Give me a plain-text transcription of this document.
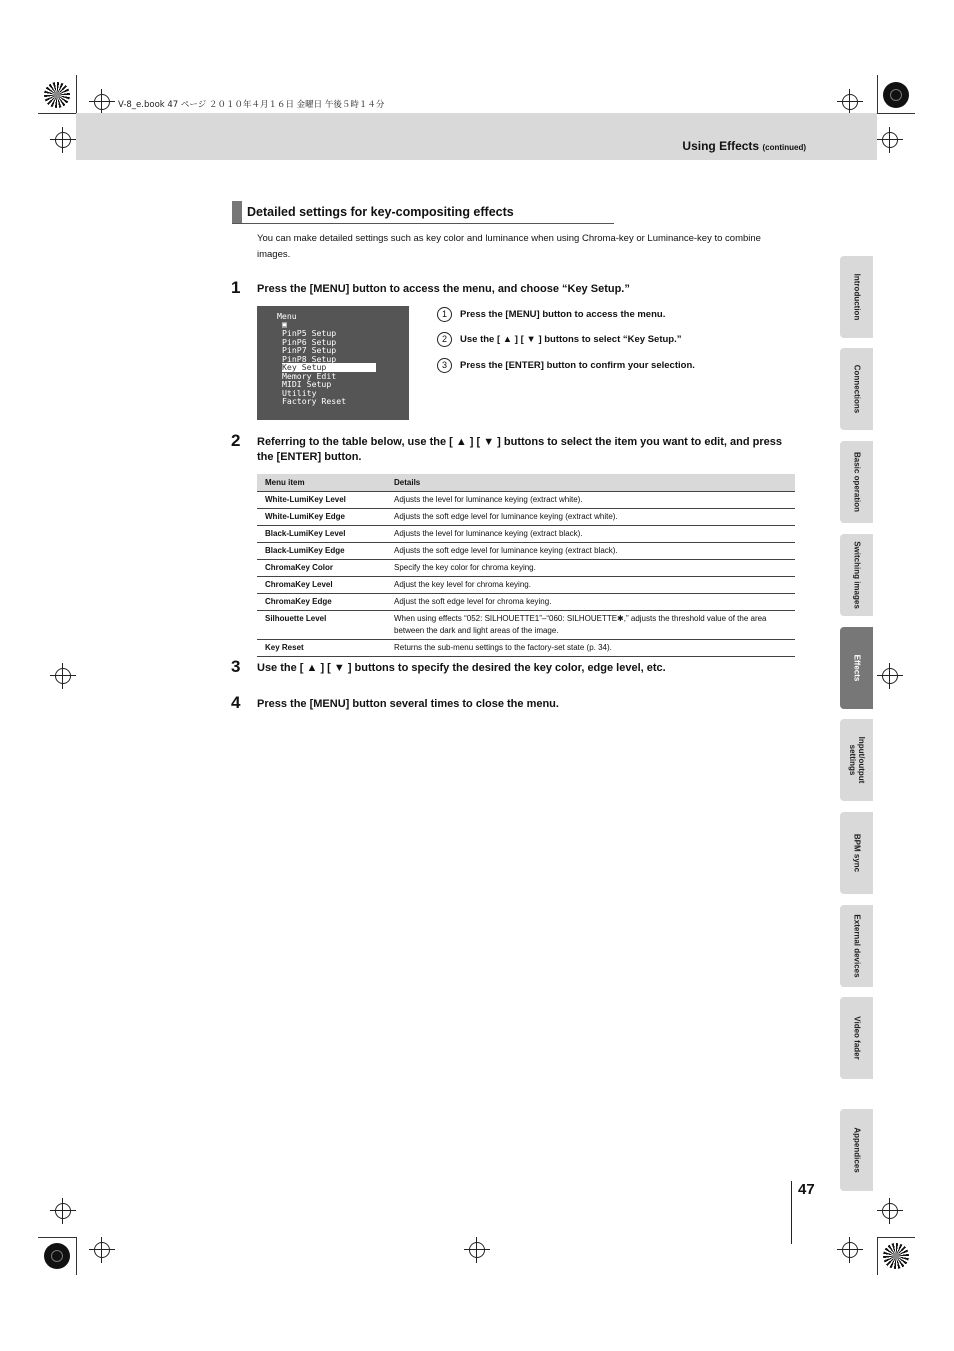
V-8_e.book 47 ページ ２０１０年４月１６日 金曜日 午後５時１４分
Using Effects (continued)
Detailed settings for key-compositing effects
You can make detailed settings such as key color and luminance when using Chroma-key or Luminance-key to combine images.
1 Press the [MENU] button to access the menu, and choose “Key Setup.”
Menu
▣
PinP5 Setup
PinP6 Setup
PinP7 Setup
PinP8 Setup
Key Setup
Memory Edit
MIDI Setup
Utility
Factory Reset
1 Press the [MENU] button to access the menu.
2 Use the [ ▲ ] [ ▼ ] buttons to select “Key Setup.”
3 Press the [ENTER] button to confirm your selection.
2 Referring to the table below, use the [ ▲ ] [ ▼ ] buttons to select the item you want to edit, and press the [ENTER] button.
Menu item	Details
White-LumiKey Level	Adjusts the level for luminance keying (extract white).
White-LumiKey Edge	Adjusts the soft edge level for luminance keying (extract white).
Black-LumiKey Level	Adjusts the level for luminance keying (extract black).
Black-LumiKey Edge	Adjusts the soft edge level for luminance keying (extract black).
ChromaKey Color	Specify the key color for chroma keying.
ChromaKey Level	Adjust the key level for chroma keying.
ChromaKey Edge	Adjust the soft edge level for chroma keying.
Silhouette Level	When using effects “052: SILHOUETTE1”–“060: SILHOUETTE✱,” adjusts the threshold value of the area between the dark and light areas of the image.
Key Reset	Returns the sub-menu settings to the factory-set state (p. 34).
3 Use the [ ▲ ] [ ▼ ] buttons to specify the desired the key color, edge level, etc.
4 Press the [MENU] button several times to close the menu.
Introduction
Connections
Basic operation
Switching images
Effects
Input/output settings
BPM sync
External devices
Video fader
Appendices
47
